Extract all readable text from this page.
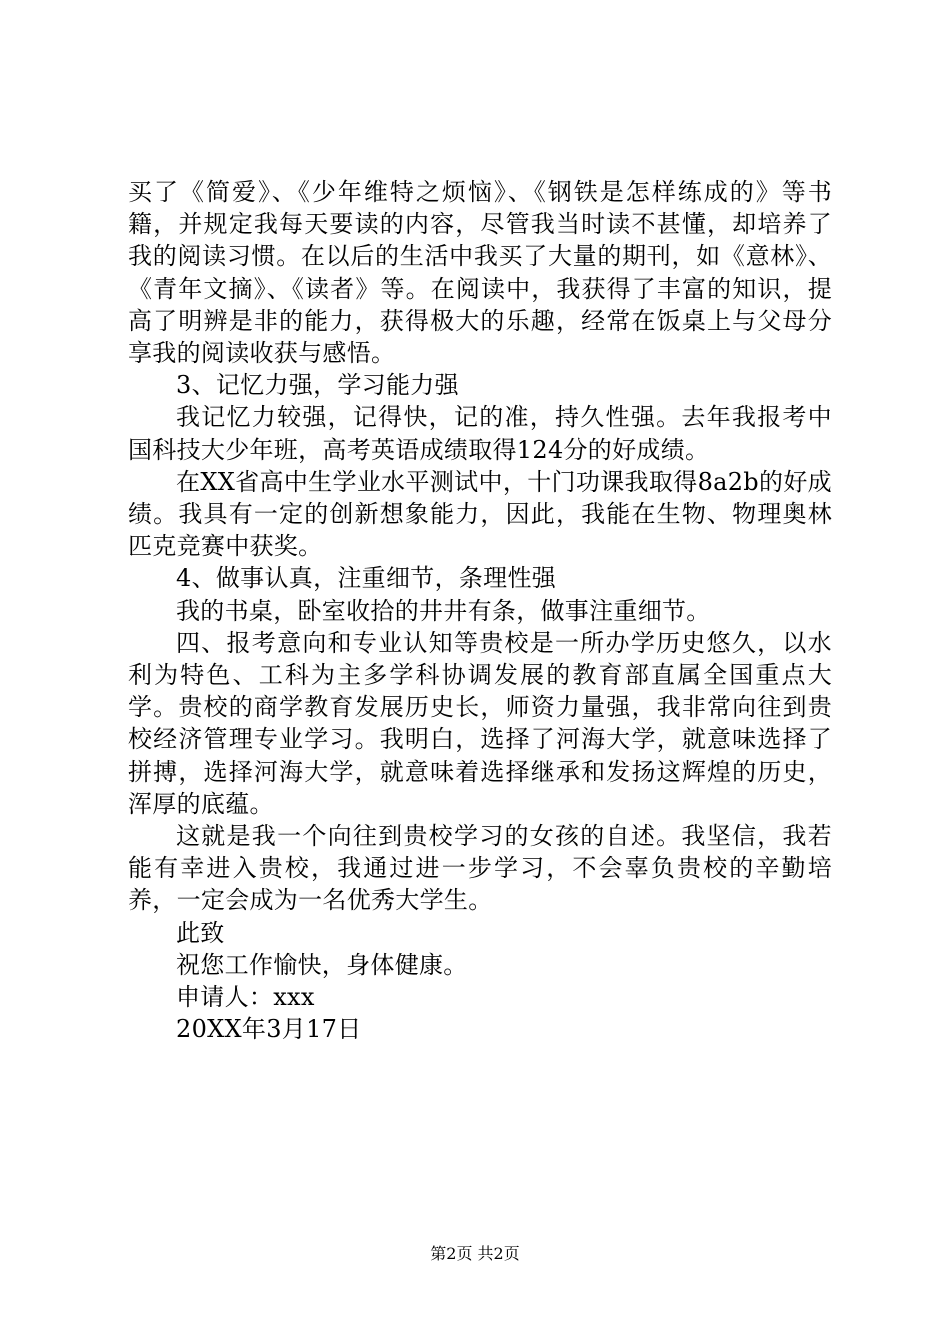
买了《简爱》、《少年维特之烦恼》、《钢铁是怎样练成的》等书籍，并规定我每天要读的内容，尽管我当时读不甚懂，却培养了我的阅读习惯。在以后的生活中我买了大量的期刊，如《意林》、《青年文摘》、《读者》等。在阅读中，我获得了丰富的知识，提高了明辨是非的能力，获得极大的乐趣，经常在饭桌上与父母分享我的阅读收获与感悟。

3、记忆力强，学习能力强

我记忆力较强，记得快，记的准，持久性强。去年我报考中国科技大少年班，高考英语成绩取得124分的好成绩。

在XX省高中生学业水平测试中，十门功课我取得8a2b的好成绩。我具有一定的创新想象能力，因此，我能在生物、物理奥林匹克竞赛中获奖。

4、做事认真，注重细节，条理性强

我的书桌，卧室收拾的井井有条，做事注重细节。

四、报考意向和专业认知等贵校是一所办学历史悠久，以水利为特色、工科为主多学科协调发展的教育部直属全国重点大学。贵校的商学教育发展历史长，师资力量强，我非常向往到贵校经济管理专业学习。我明白，选择了河海大学，就意味选择了拼搏，选择河海大学，就意味着选择继承和发扬这辉煌的历史，浑厚的底蕴。

这就是我一个向往到贵校学习的女孩的自述。我坚信，我若能有幸进入贵校，我通过进一步学习，不会辜负贵校的辛勤培养，一定会成为一名优秀大学生。

此致

祝您工作愉快，身体健康。

申请人：xxx

20XX年3月17日

第2页 共2页
